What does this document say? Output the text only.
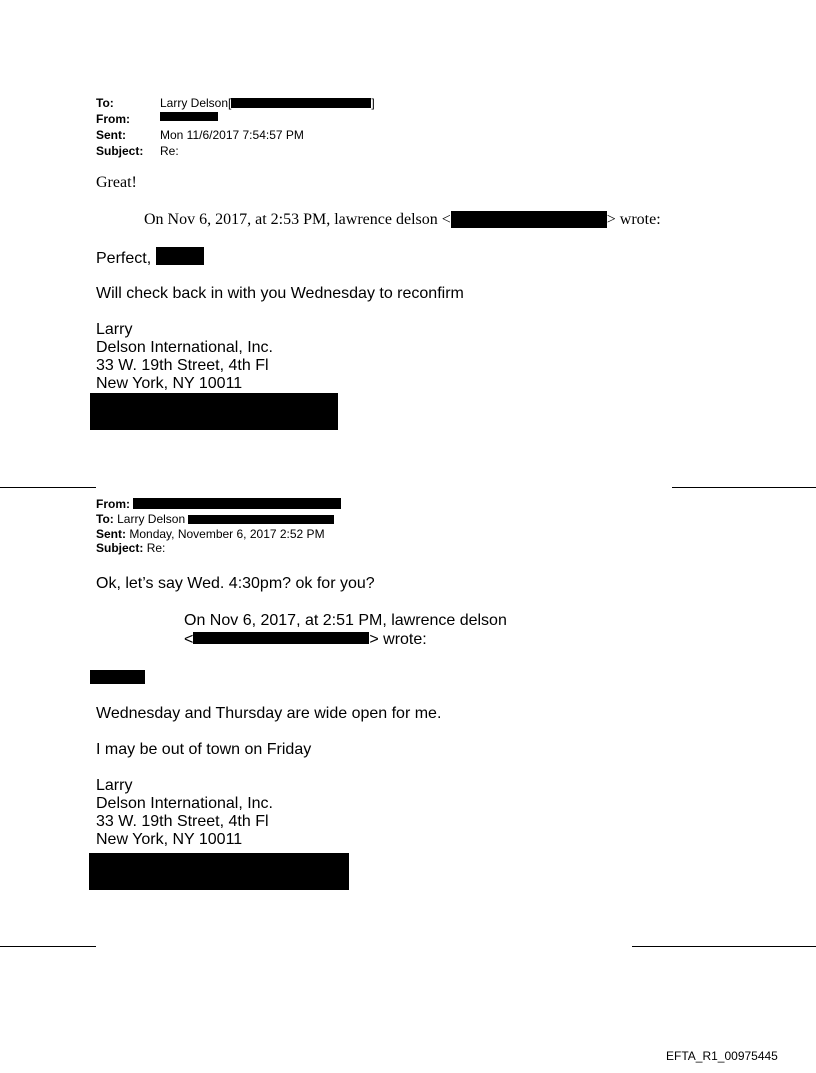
To:	Larry Delson[	]
From:
Sent:	Mon 11/6/2017 7:54:57 PM
Subject: Re:
Great!
On Nov 6, 2017, at 2:53 PM, lawrence delson <	> wrote:
Perfect,
Will check back in with you Wednesday to reconfirm
Larry
Delson International, Inc.
33 W. 19th Street, 4th Fl
New York, NY 10011
From:
To: Larry Delson
Sent: Monday, November 6, 2017 2:52 PM
Subject: Re:
Ok, let’s say Wed. 4:30pm? ok for you?
On Nov 6, 2017, at 2:51 PM, lawrence delson
<	> wrote:
Wednesday and Thursday are wide open for me.
I may be out of town on Friday
Larry
Delson International, Inc.
33 W. 19th Street, 4th Fl
New York, NY 10011
EFTA_R1_00975445
